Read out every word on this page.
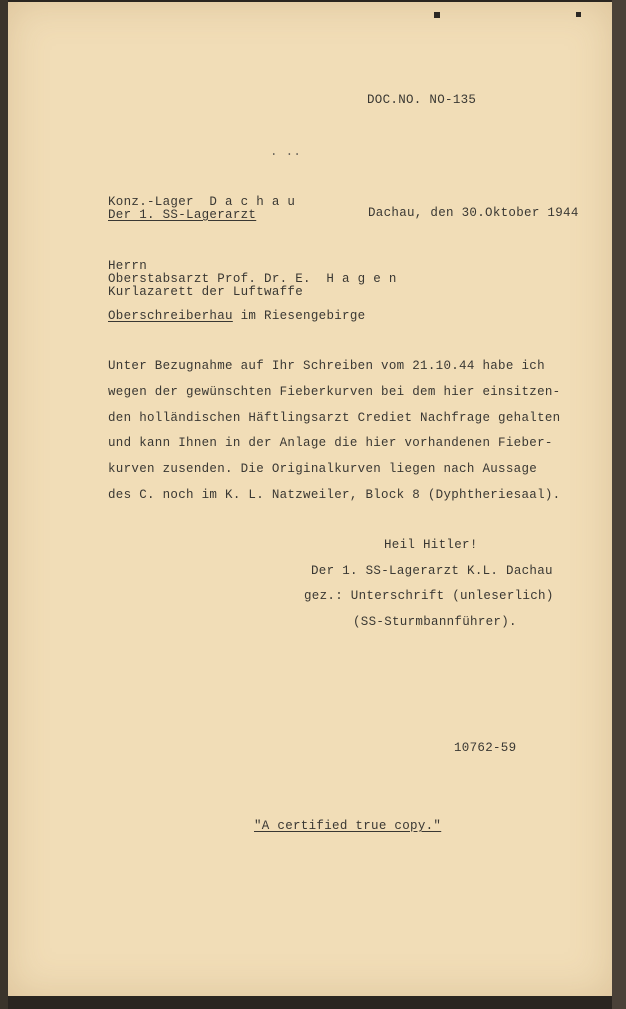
DOC.NO. NO-135
. ..
Konz.-Lager  D a c h a u
Der 1. SS-Lagerarzt	Dachau, den 30.Oktober 1944
Herrn
Oberstabsarzt Prof. Dr. E.  H a g e n
Kurlazarett der Luftwaffe
Oberschreiberhau im Riesengebirge
Unter Bezugnahme auf Ihr Schreiben vom 21.10.44 habe ich
wegen der gewünschten Fieberkurven bei dem hier einsitzen-
den holländischen Häftlingsarzt Crediet Nachfrage gehalten
und kann Ihnen in der Anlage die hier vorhandenen Fieber-
kurven zusenden. Die Originalkurven liegen nach Aussage
des C. noch im K. L. Natzweiler, Block 8 (Dyphtheriesaal).
Heil Hitler!
Der 1. SS-Lagerarzt K.L. Dachau
gez.: Unterschrift (unleserlich)
(SS-Sturmbannführer).
10762-59
"A certified true copy."
